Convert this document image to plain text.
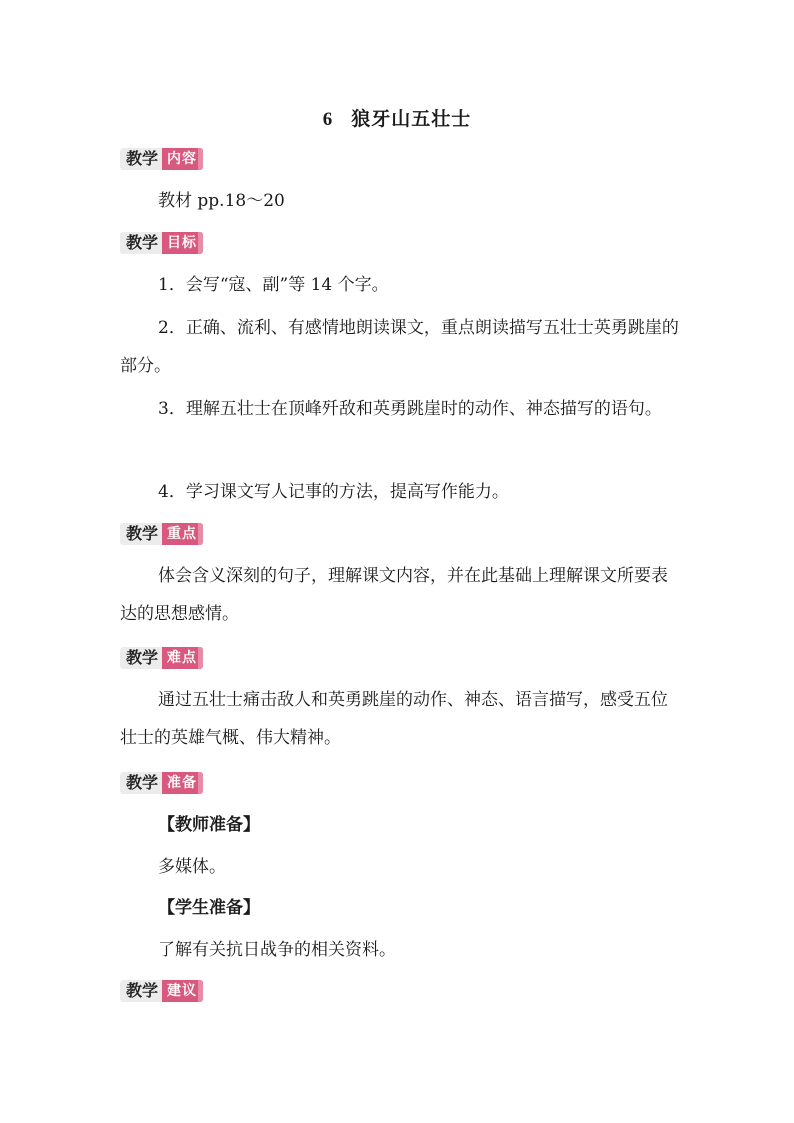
6 狼牙山五壮士
教学 内容
教材 pp.18～20
教学 目标
1．会写“寇、副”等 14 个字。
2．正确、流利、有感情地朗读课文，重点朗读描写五壮士英勇跳崖的部分。
3．理解五壮士在顶峰歼敌和英勇跳崖时的动作、神态描写的语句。
4．学习课文写人记事的方法，提高写作能力。
教学 重点
体会含义深刻的句子，理解课文内容，并在此基础上理解课文所要表达的思想感情。
教学 难点
通过五壮士痛击敌人和英勇跳崖的动作、神态、语言描写，感受五位壮士的英雄气概、伟大精神。
教学 准备
【教师准备】
多媒体。
【学生准备】
了解有关抗日战争的相关资料。
教学 建议
